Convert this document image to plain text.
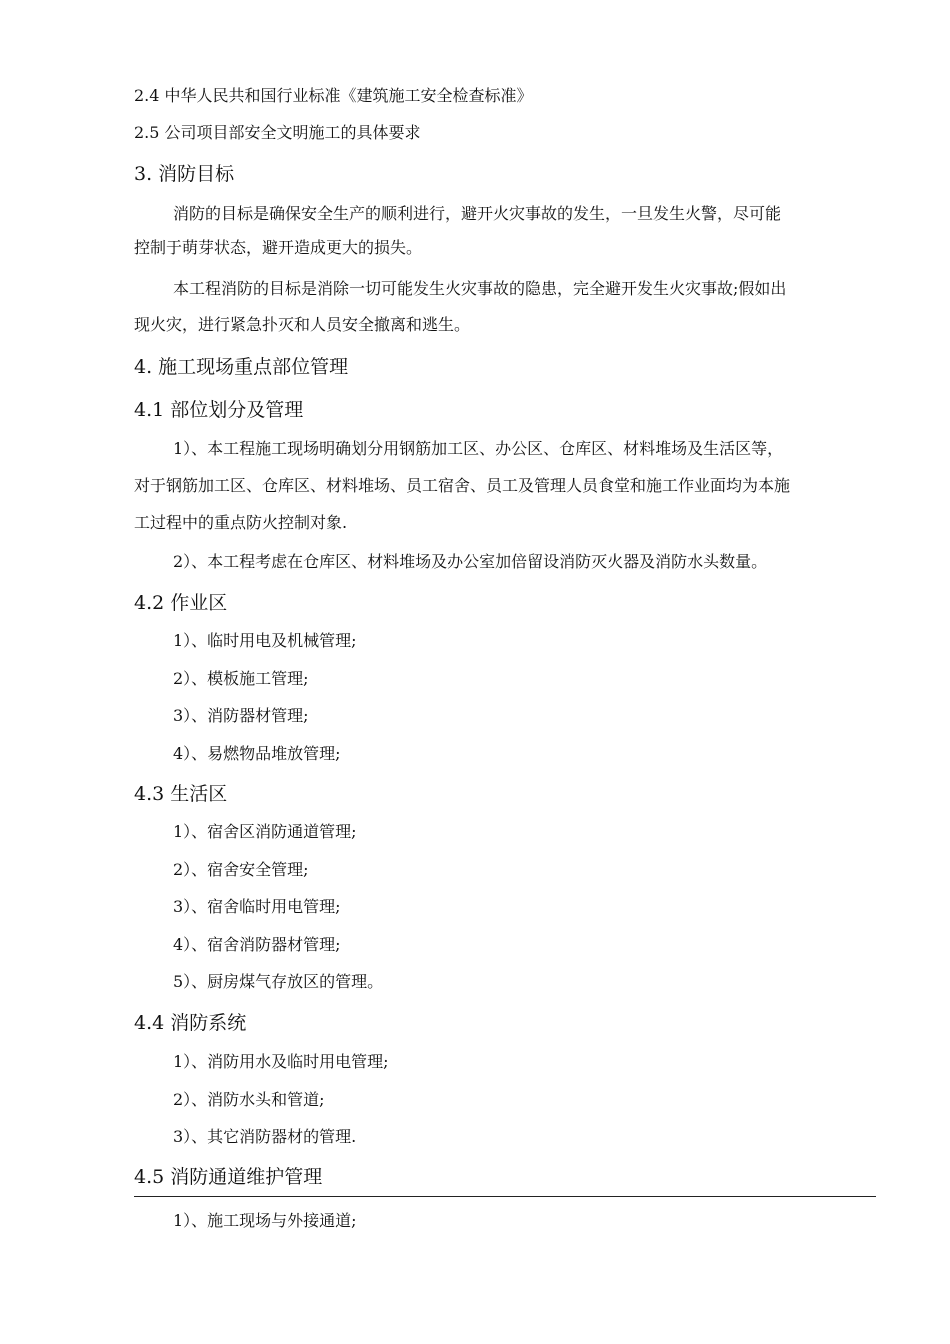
2.4 中华人民共和国行业标准《建筑施工安全检查标准》
2.5 公司项目部安全文明施工的具体要求
3. 消防目标
消防的目标是确保安全生产的顺利进行，避开火灾事故的发生，一旦发生火警，尽可能
控制于萌芽状态，避开造成更大的损失。
本工程消防的目标是消除一切可能发生火灾事故的隐患，完全避开发生火灾事故;假如出
现火灾，进行紧急扑灭和人员安全撤离和逃生。
4. 施工现场重点部位管理
4.1 部位划分及管理
1）、本工程施工现场明确划分用钢筋加工区、办公区、仓库区、材料堆场及生活区等，
对于钢筋加工区、仓库区、材料堆场、员工宿舍、员工及管理人员食堂和施工作业面均为本施
工过程中的重点防火控制对象.
2）、本工程考虑在仓库区、材料堆场及办公室加倍留设消防灭火器及消防水头数量。
4.2 作业区
1）、临时用电及机械管理;
2）、模板施工管理;
3）、消防器材管理;
4）、易燃物品堆放管理;
4.3 生活区
1）、宿舍区消防通道管理;
2）、宿舍安全管理;
3）、宿舍临时用电管理;
4）、宿舍消防器材管理;
5）、厨房煤气存放区的管理。
4.4 消防系统
1）、消防用水及临时用电管理;
2）、消防水头和管道;
3）、其它消防器材的管理.
4.5 消防通道维护管理
1）、施工现场与外接通道;
